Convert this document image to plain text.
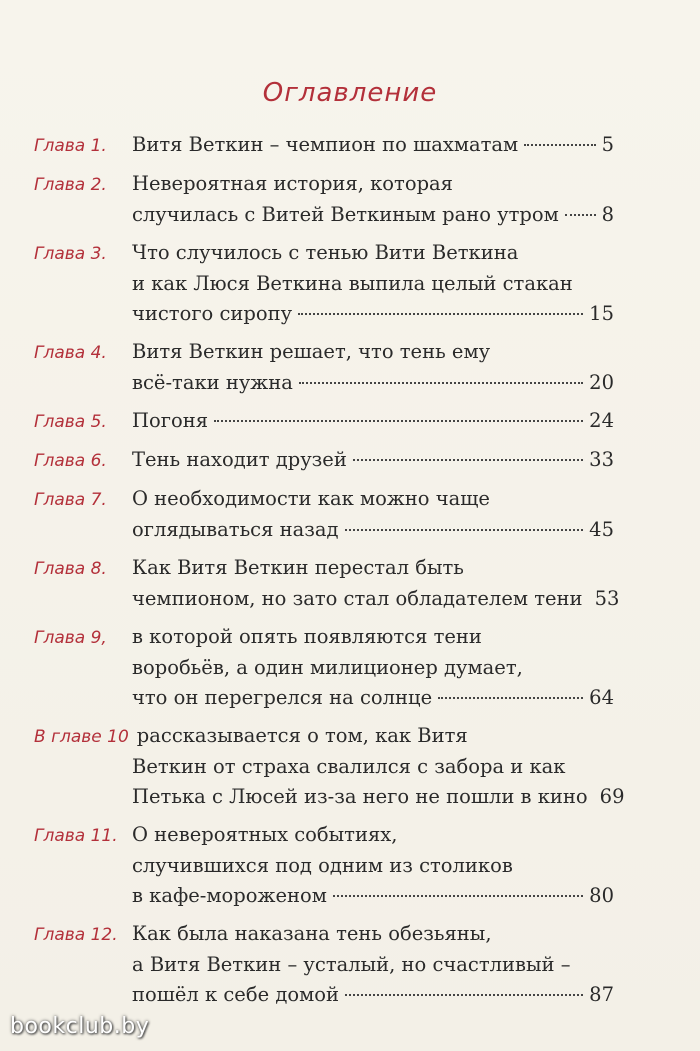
Оглавление
Глава 1.	Витя Веткин – чемпион по шахматам	5
Глава 2. Невероятная история, которая
случилась с Витей Веткиным рано утром 8
Глава 3. Что случилось с тенью Вити Веткина
и как Люся Веткина выпила целый стакан
чистого сиропу	15
Глава 4. Витя Веткин решает, что тень ему
всё-таки нужна	20
Глава 5.	Погоня	24
Глава 6.	Тень находит друзей	33
Глава 7. О необходимости как можно чаще
оглядываться назад	45
Глава 8. Как Витя Веткин перестал быть
чемпионом, но зато стал обладателем тени 53
Глава 9, в которой опять появляются тени
воробьёв, а один милиционер думает,
что он перегрелся на солнце	64
В главе 10 рассказывается о том, как Витя
Веткин от страха свалился с забора и как
Петька с Люсей из-за него не пошли в кино 69
Глава 11. О невероятных событиях,
случившихся под одним из столиков
в кафе-мороженом	80
Глава 12. Как была наказана тень обезьяны,
а Витя Веткин – усталый, но счастливый –
пошёл к себе домой	87
bookclub.by
